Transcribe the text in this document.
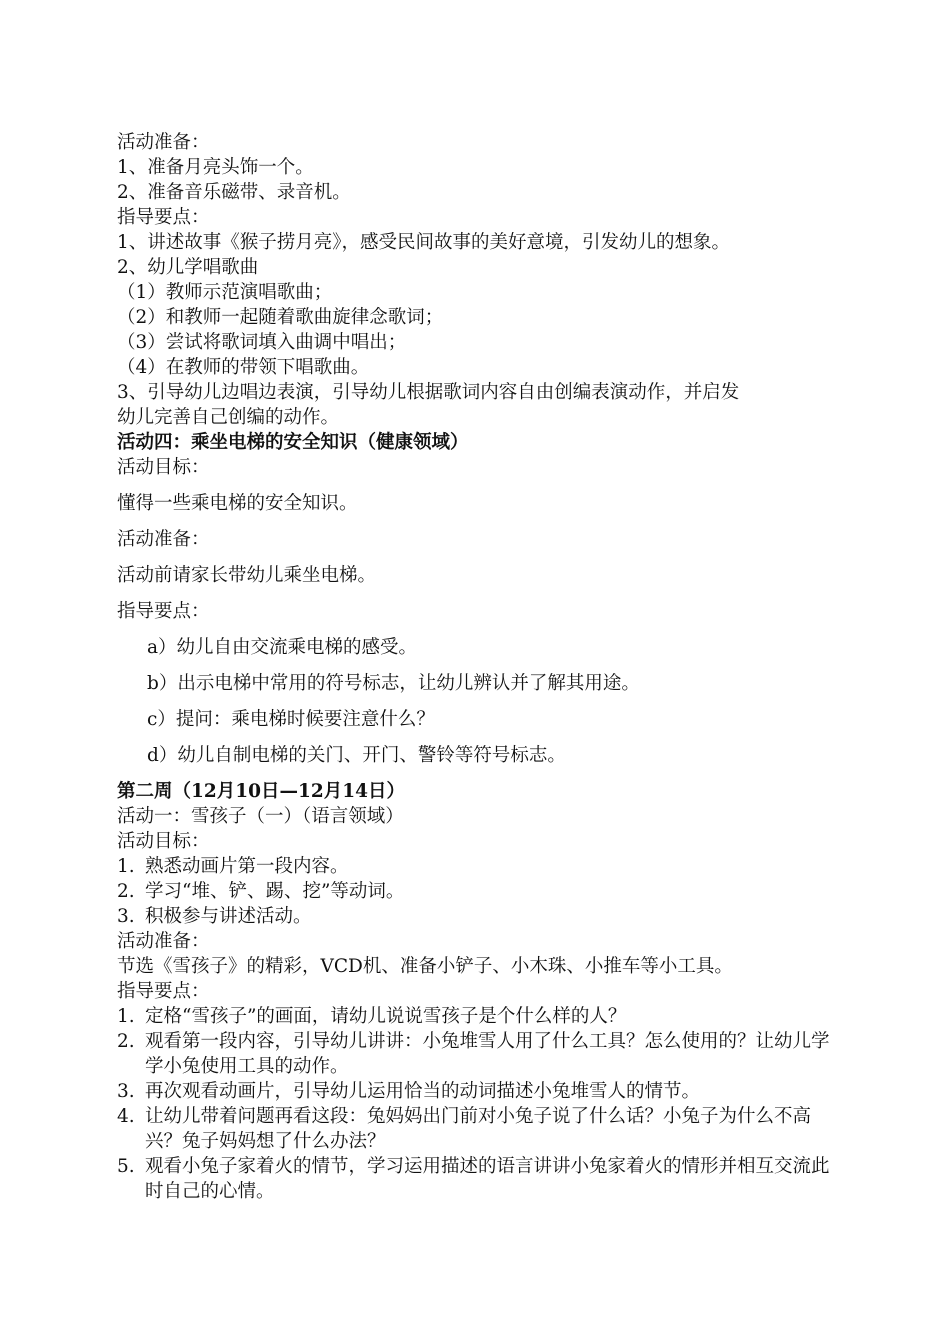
活动准备：
1、准备月亮头饰一个。
2、准备音乐磁带、录音机。
指导要点：
1、讲述故事《猴子捞月亮》，感受民间故事的美好意境，引发幼儿的想象。
2、幼儿学唱歌曲
（1）教师示范演唱歌曲；
（2）和教师一起随着歌曲旋律念歌词；
（3）尝试将歌词填入曲调中唱出；
（4）在教师的带领下唱歌曲。
3、引导幼儿边唱边表演，引导幼儿根据歌词内容自由创编表演动作，并启发
幼儿完善自己创编的动作。
活动四：乘坐电梯的安全知识（健康领域）
活动目标：
懂得一些乘电梯的安全知识。
活动准备：
活动前请家长带幼儿乘坐电梯。
指导要点：
a）幼儿自由交流乘电梯的感受。
b）出示电梯中常用的符号标志，让幼儿辨认并了解其用途。
c）提问：乘电梯时候要注意什么？
d）幼儿自制电梯的关门、开门、警铃等符号标志。
第二周（12月10日—12月14日）
活动一：雪孩子（一）（语言领域）
活动目标：
1. 熟悉动画片第一段内容。
2. 学习“堆、铲、踢、挖”等动词。
3. 积极参与讲述活动。
活动准备：
节选《雪孩子》的精彩，VCD机、准备小铲子、小木珠、小推车等小工具。
指导要点：
1. 定格“雪孩子”的画面，请幼儿说说雪孩子是个什么样的人？
2. 观看第一段内容，引导幼儿讲讲：小兔堆雪人用了什么工具？怎么使用的？让幼儿学学小兔使用工具的动作。
3. 再次观看动画片，引导幼儿运用恰当的动词描述小兔堆雪人的情节。
4. 让幼儿带着问题再看这段：兔妈妈出门前对小兔子说了什么话？小兔子为什么不高兴？兔子妈妈想了什么办法？
5. 观看小兔子家着火的情节，学习运用描述的语言讲讲小兔家着火的情形并相互交流此时自己的心情。
